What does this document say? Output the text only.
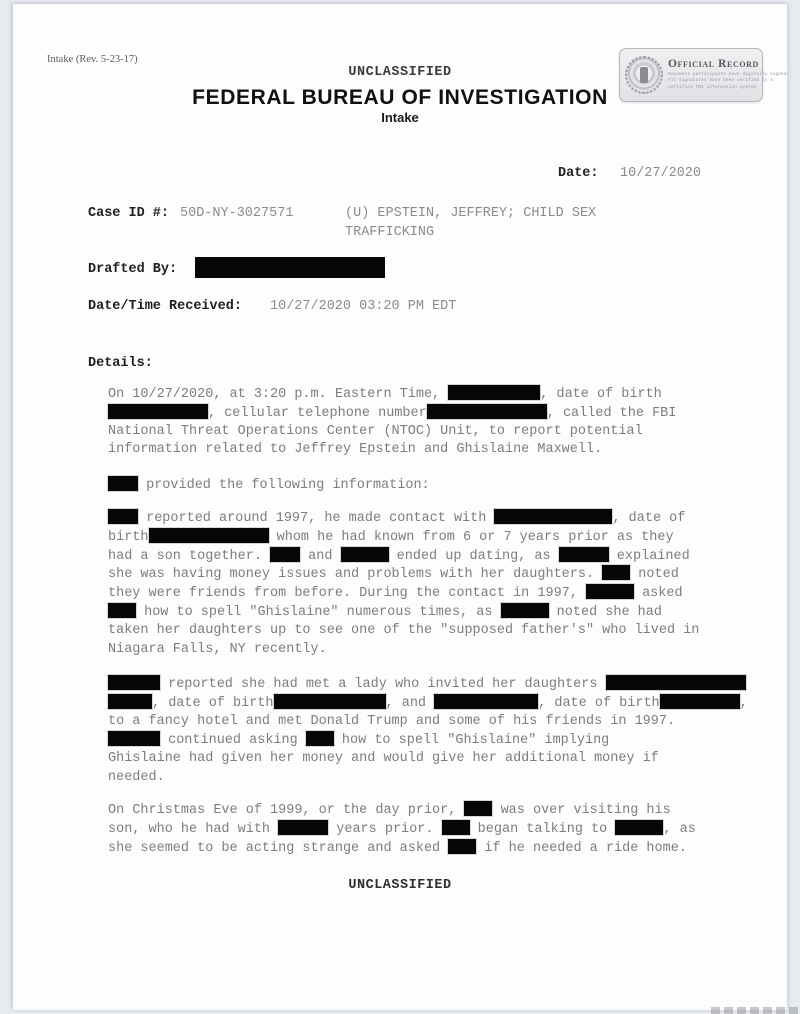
Intake (Rev. 5-23-17)
UNCLASSIFIED
FEDERAL BUREAU OF INVESTIGATION
Intake
Official Record
Document participants have digitally signed.
All signatures have been verified by a
certified FBI information system.
Date: 10/27/2020
Case ID #: 50D-NY-3027571	(U) EPSTEIN, JEFFREY; CHILD SEX
TRAFFICKING
Drafted By:
Date/Time Received: 10/27/2020 03:20 PM EDT
Details:
On 10/27/2020, at 3:20 p.m. Eastern Time,	, date of birth
, cellular telephone number	, called the FBI
National Threat Operations Center (NTOC) Unit, to report potential
information related to Jeffrey Epstein and Ghislaine Maxwell.
provided the following information:
reported around 1997, he made contact with	, date of
birth	whom he had known from 6 or 7 years prior as they
had a son together.  and	ended up dating, as	explained
she was having money issues and problems with her daughters.  noted
they were friends from before. During the contact in 1997,	asked
how to spell "Ghislaine" numerous times, as	noted she had
taken her daughters up to see one of the "supposed father's" who lived in
Niagara Falls, NY recently.
reported she had met a lady who invited her daughters
, date of birth	, and	, date of birth	,
to a fancy hotel and met Donald Trump and some of his friends in 1997.
continued asking  how to spell "Ghislaine" implying
Ghislaine had given her money and would give her additional money if
needed.
On Christmas Eve of 1999, or the day prior,  was over visiting his
son, who he had with	years prior.  began talking to	, as
she seemed to be acting strange and asked  if he needed a ride home.
UNCLASSIFIED
